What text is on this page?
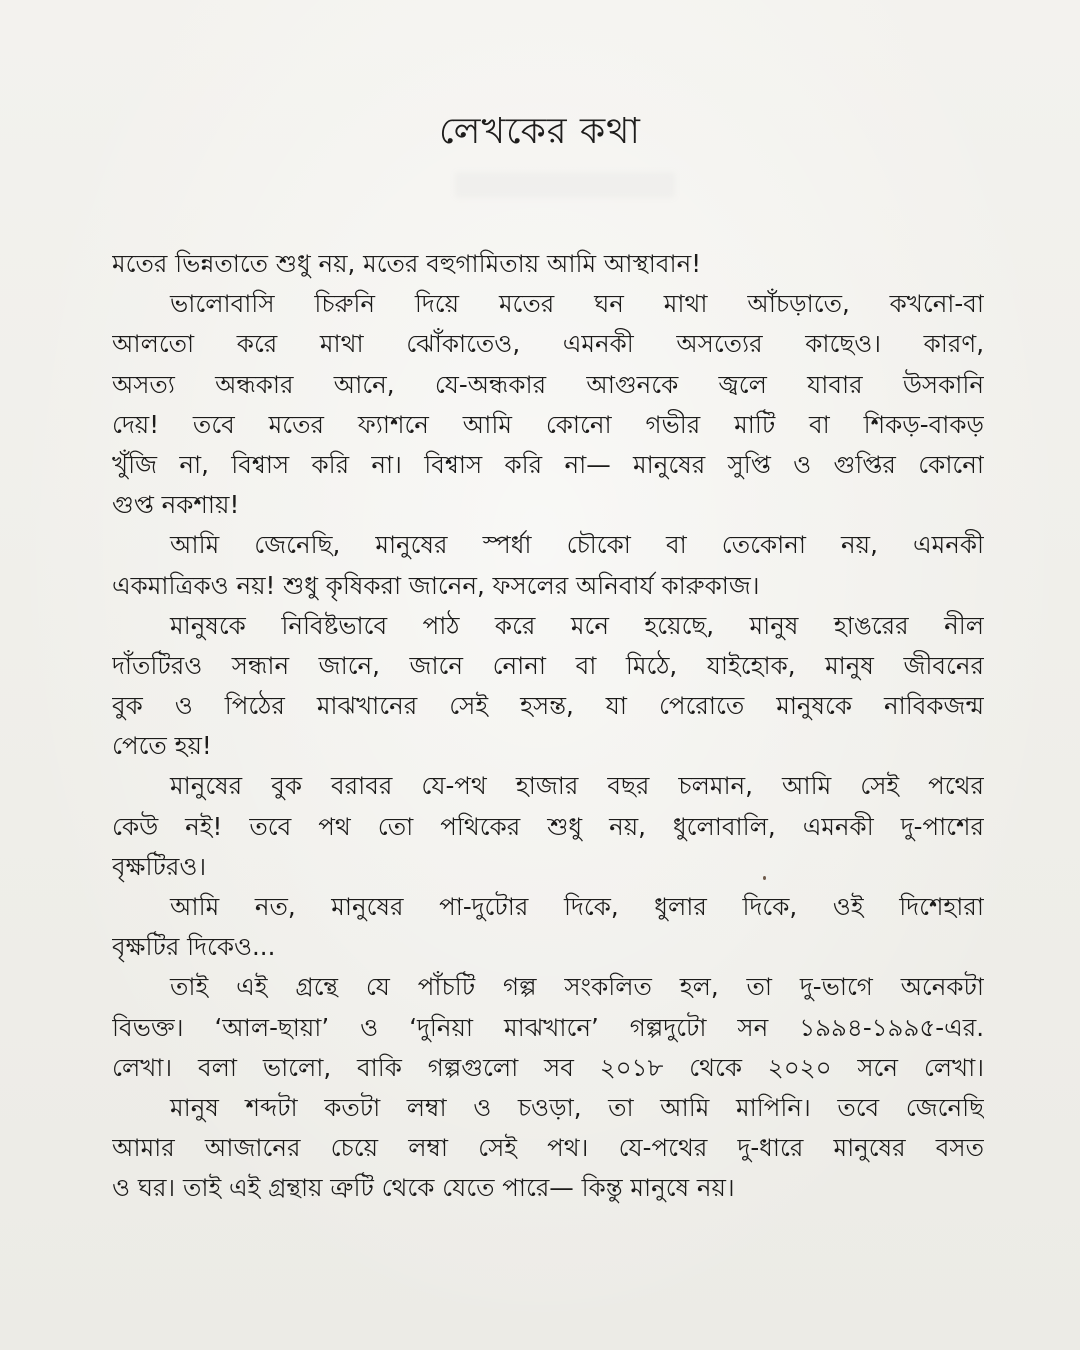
লেখকের কথা
মতের ভিন্নতাতে শুধু নয়, মতের বহুগামিতায় আমি আস্থাবান!
ভালোবাসি চিরুনি দিয়ে মতের ঘন মাথা আঁচড়াতে, কখনো-বা
আলতো করে মাথা ঝোঁকাতেও, এমনকী অসত্যের কাছেও। কারণ,
অসত্য অন্ধকার আনে, যে-অন্ধকার আগুনকে জ্বলে যাবার উসকানি
দেয়! তবে মতের ফ্যাশনে আমি কোনো গভীর মাটি বা শিকড়-বাকড়
খুঁজি না, বিশ্বাস করি না। বিশ্বাস করি না— মানুষের সুপ্তি ও গুপ্তির কোনো
গুপ্ত নকশায়!
আমি জেনেছি, মানুষের স্পর্ধা চৌকো বা তেকোনা নয়, এমনকী
একমাত্রিকও নয়! শুধু কৃষিকরা জানেন, ফসলের অনিবার্য কারুকাজ।
মানুষকে নিবিষ্টভাবে পাঠ করে মনে হয়েছে, মানুষ হাঙরের নীল
দাঁতটিরও সন্ধান জানে, জানে নোনা বা মিঠে, যাইহোক, মানুষ জীবনের
বুক ও পিঠের মাঝখানের সেই হসন্ত, যা পেরোতে মানুষকে নাবিকজন্ম
পেতে হয়!
মানুষের বুক বরাবর যে-পথ হাজার বছর চলমান, আমি সেই পথের
কেউ নই! তবে পথ তো পথিকের শুধু নয়, ধুলোবালি, এমনকী দু-পাশের
বৃক্ষটিরও।
আমি নত, মানুষের পা-দুটোর দিকে, ধুলার দিকে, ওই দিশেহারা
বৃক্ষটির দিকেও...
তাই এই গ্রন্থে যে পাঁচটি গল্প সংকলিত হল, তা দু-ভাগে অনেকটা
বিভক্ত। ‘আল-ছায়া’ ও ‘দুনিয়া মাঝখানে’ গল্পদুটো সন ১৯৯৪-১৯৯৫-এর.
লেখা। বলা ভালো, বাকি গল্পগুলো সব ২০১৮ থেকে ২০২০ সনে লেখা।
মানুষ শব্দটা কতটা লম্বা ও চওড়া, তা আমি মাপিনি। তবে জেনেছি
আমার আজানের চেয়ে লম্বা সেই পথ। যে-পথের দু-ধারে মানুষের বসত
ও ঘর। তাই এই গ্রন্থায় ত্রুটি থেকে যেতে পারে— কিন্তু মানুষে নয়।
